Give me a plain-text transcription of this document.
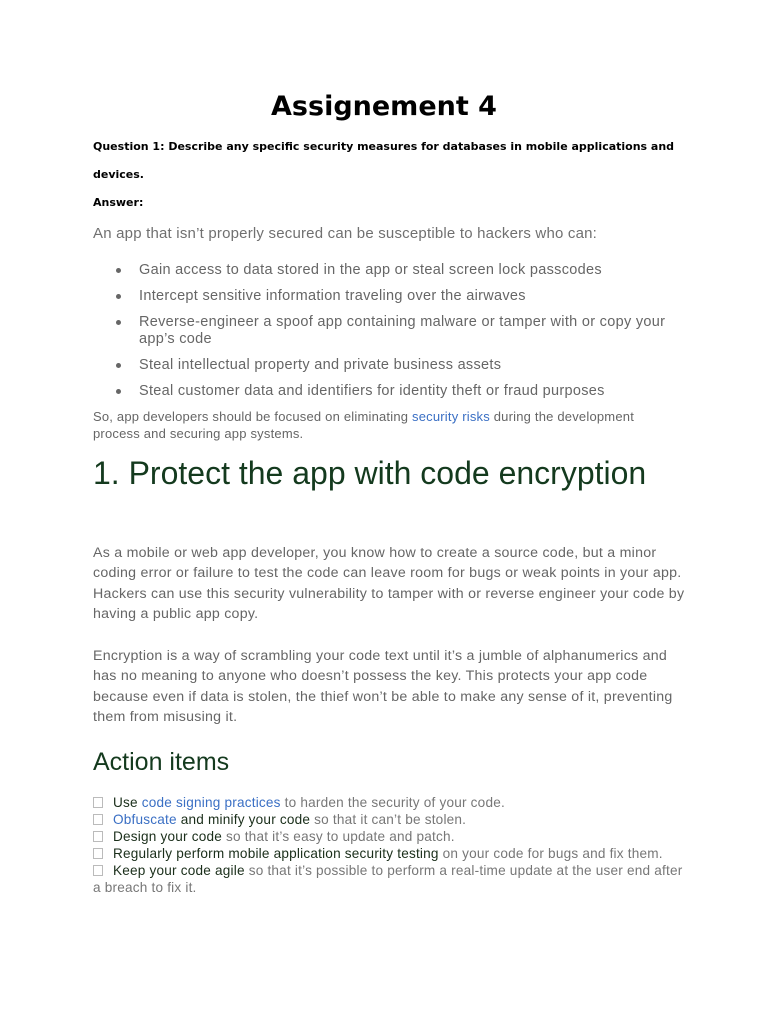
Assignement 4

Question 1: Describe any specific security measures for databases in mobile applications and

devices.

Answer:

An app that isn’t properly secured can be susceptible to hackers who can:

Gain access to data stored in the app or steal screen lock passcodes
Intercept sensitive information traveling over the airwaves
Reverse-engineer a spoof app containing malware or tamper with or copy your app’s code
Steal intellectual property and private business assets
Steal customer data and identifiers for identity theft or fraud purposes

So, app developers should be focused on eliminating security risks during the development process and securing app systems.

1. Protect the app with code encryption

As a mobile or web app developer, you know how to create a source code, but a minor coding error or failure to test the code can leave room for bugs or weak points in your app. Hackers can use this security vulnerability to tamper with or reverse engineer your code by having a public app copy.

Encryption is a way of scrambling your code text until it’s a jumble of alphanumerics and has no meaning to anyone who doesn’t possess the key. This protects your app code because even if data is stolen, the thief won’t be able to make any sense of it, preventing them from misusing it.

Action items

Use code signing practices to harden the security of your code.

Obfuscate and minify your code so that it can’t be stolen.

Design your code so that it’s easy to update and patch.

Regularly perform mobile application security testing on your code for bugs and fix them.

Keep your code agile so that it’s possible to perform a real-time update at the user end after a breach to fix it.
